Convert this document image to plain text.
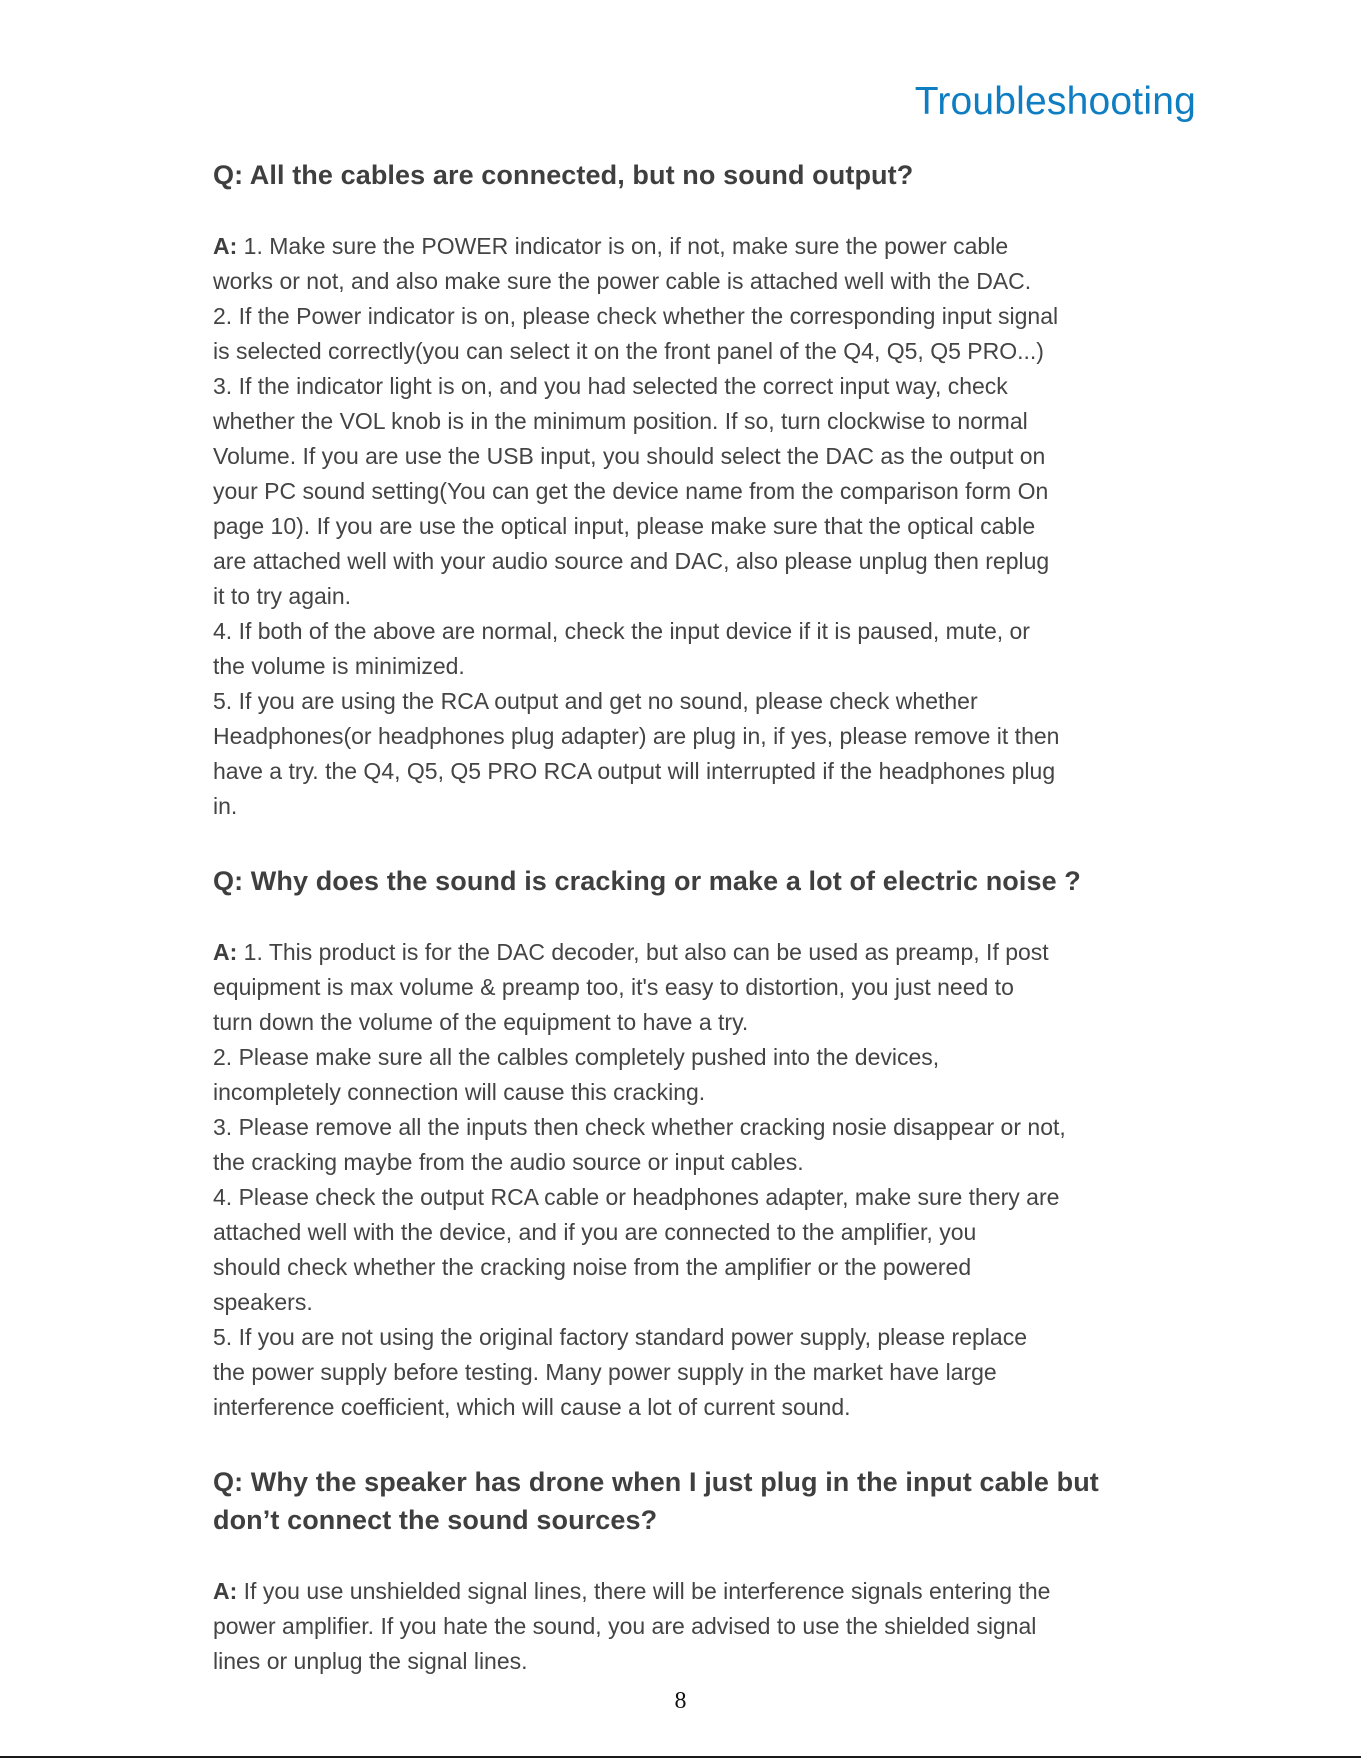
Troubleshooting
Q: All the cables are connected, but no sound output?
A: 1. Make sure the POWER indicator is on, if not, make sure the power cable
works or not, and also make sure the power cable is attached well with the DAC.
2. If the Power indicator is on, please check whether the corresponding input signal
is selected correctly(you can select it on the front panel of the Q4, Q5, Q5 PRO...)
3. If the indicator light is on, and you had selected the correct input way, check
whether the VOL knob is in the minimum position. If so, turn clockwise to normal
Volume. If you are use the USB input, you should select the DAC as the output on
your PC sound setting(You can get the device name from the comparison form On
page 10). If you are use the optical input, please make sure that the optical cable
are attached well with your audio source and DAC, also please unplug then replug
it to try again.
4. If both of the above are normal, check the input device if it is paused, mute, or
the volume is minimized.
5. If you are using the RCA output and get no sound, please check whether
Headphones(or headphones plug adapter) are plug in, if yes, please remove it then
have a try. the Q4, Q5, Q5 PRO RCA output will interrupted if the headphones plug
in.
Q: Why does the sound is cracking or make a lot of electric noise ?
A: 1. This product is for the DAC decoder, but also can be used as preamp, If post
equipment is max volume & preamp too, it's easy to distortion, you just need to
turn down the volume of the equipment to have a try.
2. Please make sure all the calbles completely pushed into the devices,
incompletely connection will cause this cracking.
3. Please remove all the inputs then check whether cracking nosie disappear or not,
the cracking maybe from the audio source or input cables.
4. Please check the output RCA cable or headphones adapter, make sure thery are
attached well with the device, and if you are connected to the amplifier, you
should check whether the cracking noise from the amplifier or the powered
speakers.
5. If you are not using the original factory standard power supply, please replace
the power supply before testing. Many power supply in the market have large
interference coefficient, which will cause a lot of current sound.
Q: Why the speaker has drone when I just plug in the input cable but
don’t connect the sound sources?
A: If you use unshielded signal lines, there will be interference signals entering the
power amplifier. If you hate the sound, you are advised to use the shielded signal
lines or unplug the signal lines.
8
